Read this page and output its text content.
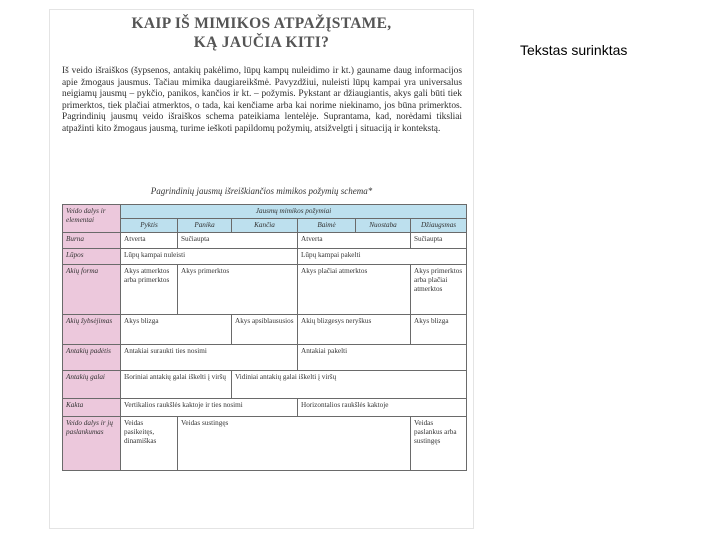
KAIP IŠ MIMIKOS ATPAŽĮSTAME,
KĄ JAUČIA KITI?
Iš veido išraiškos (šypsenos, antakių pakėlimo, lūpų kampų nuleidimo ir kt.) gauname daug informacijos apie žmogaus jausmus. Tačiau mimika daugiareikšmė. Pavyzdžiui, nuleisti lūpų kampai yra universalus neigiamų jausmų – pykčio, panikos, kančios ir kt. – požymis. Pykstant ar džiaugiantis, akys gali būti tiek primerktos, tiek plačiai atmerktos, o tada, kai kenčiame arba kai norime niekinamo, jos būna primerktos. Pagrindinių jausmų veido išraiškos schema pateikiama lentelėje. Suprantama, kad, norėdami tiksliai atpažinti kito žmogaus jausmą, turime ieškoti papildomų požymių, atsižvelgti į situaciją ir kontekstą.
Pagrindinių jausmų išreiškiančios mimikos požymių schema*
Veido dalys ir elementai	Jausmų mimikos požymiai					
	Pyktis	Panika	Kančia	Baimė	Nuostaba	Džiaugsmas
Burna	Atverta	Sučiaupta		Atverta		Sučiaupta
Lūpos	Lūpų kampai nuleisti			Lūpų kampai pakelti		
Akių forma	Akys atmerktos arba primerktos	Akys primerktos		Akys plačiai atmerktos		Akys primerktos arba plačiai atmerktos
Akių žybsėjimas	Akys blizga		Akys apsiblaususios	Akių blizgesys neryškus		Akys blizga
Antakių padėtis	Antakiai suraukti ties nosimi			Antakiai pakelti		
Antakių galai	Išoriniai antakių galai iškelti į viršų		Vidiniai antakių galai iškelti į viršų			
Kakta	Vertikalios raukšlės kaktoje ir ties nosimi			Horizontalios raukšlės kaktoje		
Veido dalys ir jų paslankumas	Veidas pasikeitęs, dinamiškas	Veidas sustingęs				Veidas paslankus arba sustingęs
Tekstas surinktas
